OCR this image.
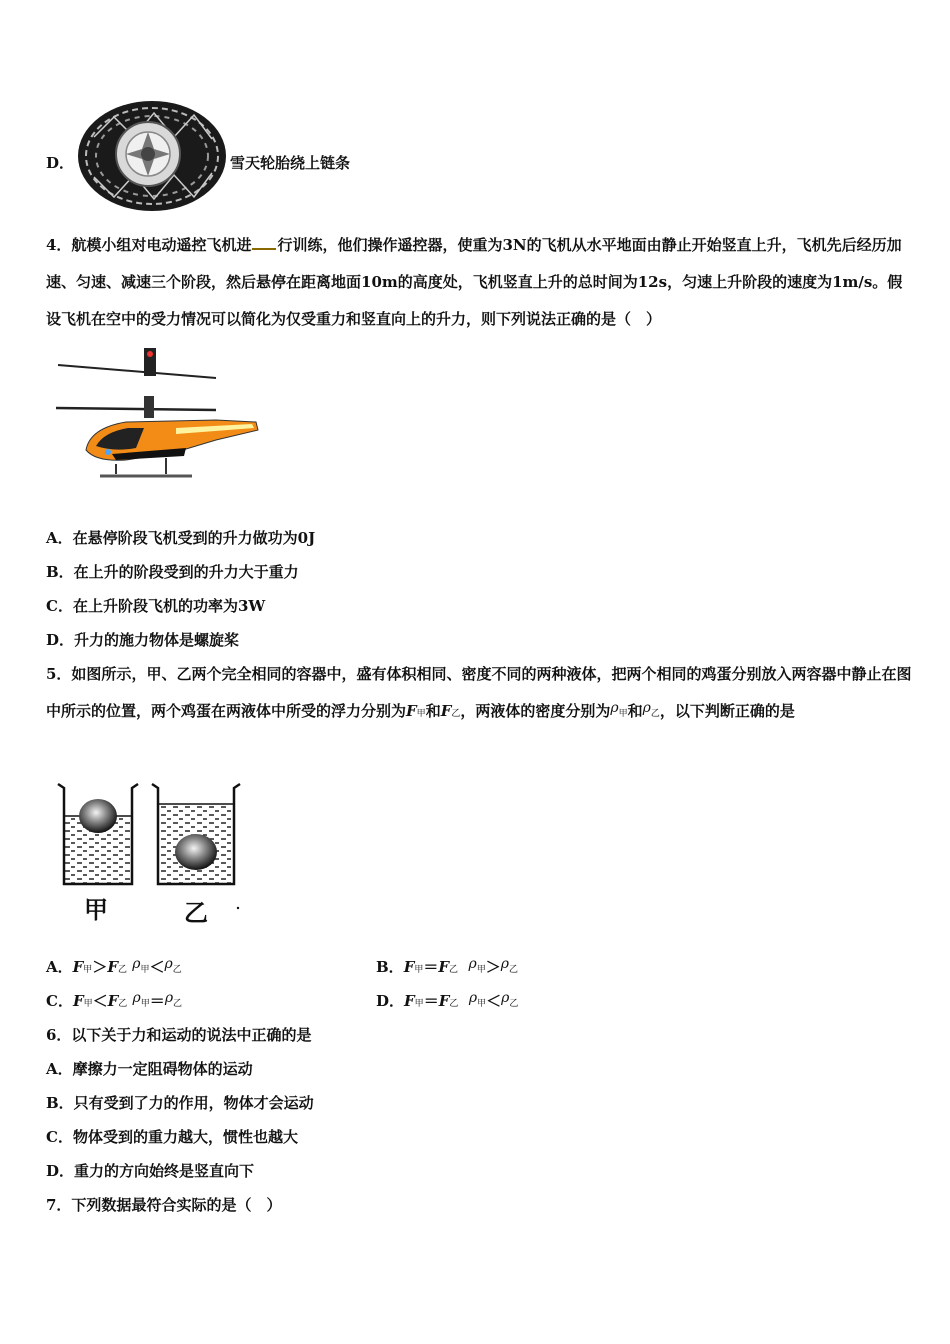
D．	雪天轮胎绕上链条
4．航模小组对电动遥控飞机进 行训练，他们操作遥控器，使重为3N的飞机从水平地面由静止开始竖直上升，飞机先后经历加速、匀速、减速三个阶段，然后悬停在距离地面10m的高度处，飞机竖直上升的总时间为12s，匀速上升阶段的速度为1m/s。假设飞机在空中的受力情况可以简化为仅受重力和竖直向上的升力，则下列说法正确的是（　）
A．在悬停阶段飞机受到的升力做功为0J
B．在上升的阶段受到的升力大于重力
C．在上升阶段飞机的功率为3W
D．升力的施力物体是螺旋桨
5．如图所示，甲、乙两个完全相同的容器中，盛有体积相同、密度不同的两种液体，把两个相同的鸡蛋分别放入两容器中静止在图中所示的位置，两个鸡蛋在两液体中所受的浮力分别为F甲和F乙，两液体的密度分别为ρ甲和ρ乙，以下判断正确的是
甲	乙
A．F甲＞F乙 ρ甲＜ρ乙	B．F甲＝F乙 ρ甲＞ρ乙
C．F甲＜F乙 ρ甲＝ρ乙	D．F甲＝F乙 ρ甲＜ρ乙
6．以下关于力和运动的说法中正确的是
A．摩擦力一定阻碍物体的运动
B．只有受到了力的作用，物体才会运动
C．物体受到的重力越大，惯性也越大
D．重力的方向始终是竖直向下
7．下列数据最符合实际的是（　）
